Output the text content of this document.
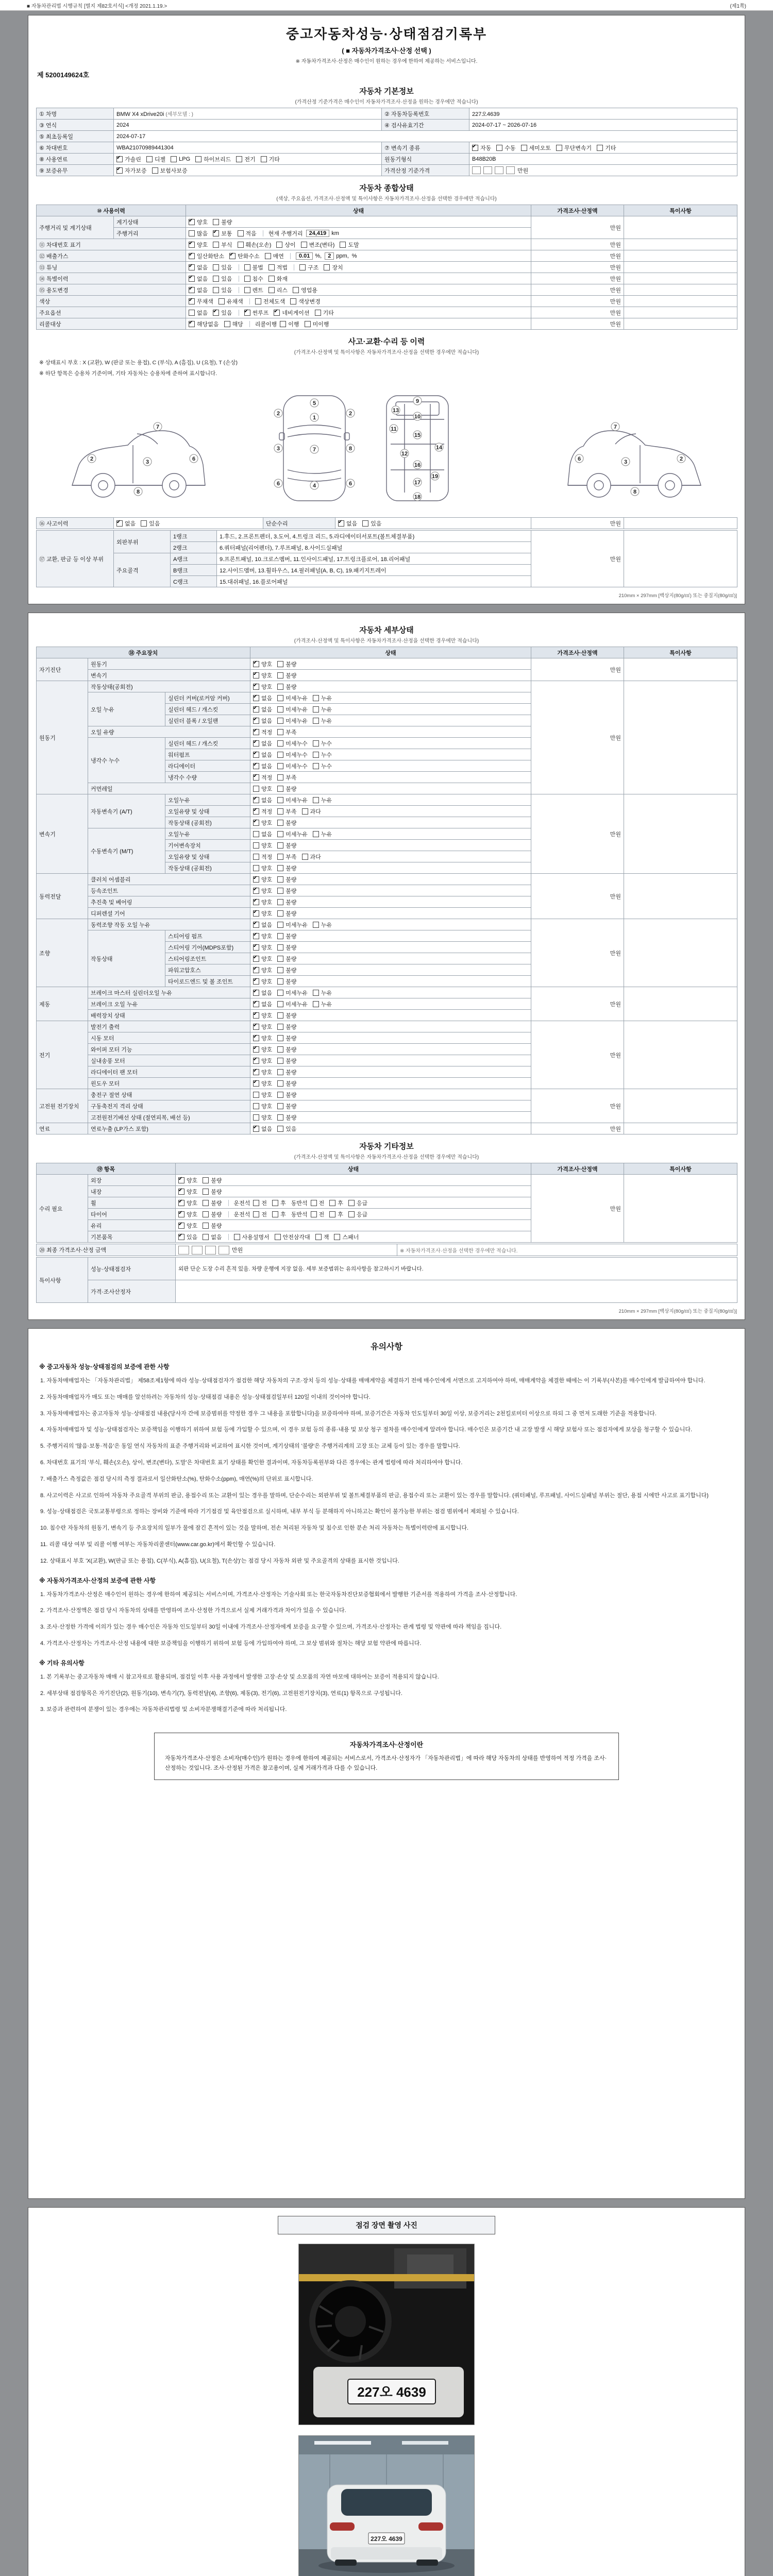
■ 자동차관리법 시행규칙 [별지 제82호서식] <개정 2021.1.19.>	(제1쪽)
중고자동차성능·상태점검기록부
( ■ 자동차가격조사·산정 선택 )
※ 자동차가격조사·산정은 매수인이 원하는 경우에 한하여 제공하는 서비스입니다.
제 5200149624호
자동차 기본정보
(가격산정 기준가격은 매수인이 자동차가격조사·산정을 원하는 경우에만 적습니다)
① 차명	BMW X4 xDrive20i (세부모델 : )	② 자동차등록번호	227오4639
③ 연식	2024	④ 검사유효기간	2024-07-17 ~ 2026-07-16
⑤ 최초등록일	2024-07-17		
⑥ 차대번호	WBA21070989441304	⑦ 변속기 종류	
✔자동 수동 세미오토 무단변속기 기타

⑧ 사용연료	
✔가솔린 디젤 LPG 하이브리드 전기 기타	원동기형식	B48B20B
⑨ 보증유무	
✔자가보증 보험사보증	가격산정 기준가격	만원
자동차 종합상태
(색상, 주요옵션, 가격조사·산정액 및 특이사항은 자동차가격조사·산정을 선택한 경우에만 적습니다)
⑩ 사용이력		상태	가격조사·산정액	특이사항
주행거리 및 계기상태	계기상태	
✔양호 불량	만원	
주행거리	많음 ✔ 보통 적음 현재 주행거리	24,419 km

⑪ 차대번호 표기	
✔양호 부식 훼손(오손) 상이 변조(변타) 도말	만원	
⑫ 배출가스	
✔일산화탄소 ✔ 탄화수소 매연	0.01 %,	2 ppm, %	만원	
⑬ 튜닝	
✔없음 있음	불법 적법	구조 장치	만원	
⑭ 특별이력	
✔없음 있음 침수 화재	만원	
⑮ 용도변경	
✔없음 있음 렌트 리스 영업용	만원	
색상	
✔무채색 유채색 전체도색 색상변경	만원	
주요옵션		없음 ✔ 있음 ✔ 썬루프 ✔ 네비게이션 기타	만원	
리콜대상	
✔해당없음 해당 리콜이행 이행 미이행	만원	
사고·교환·수리 등 이력
(가격조사·산정액 및 특이사항은 자동차가격조사·산정을 선택한 경우에만 적습니다)
※ 상태표시 부호 : X (교환), W (판금 또는 용접), C (부식), A (흠집), U (요철), T (손상)
※ 하단 항목은 승용차 기준이며, 기타 자동차는 승용차에 준하여 표시합니다.
2	3
7
8
6
5
1
7
4
2
3
6
2
8
6
9
10
13
11
15
12
14
16
19
17
18
6	3
7
8
2
⑯ 사고이력	
✔없음 있음	단순수리	
✔없음 있음	만원	
⑰ 교환, 판금 등 이상 부위	외판부위	1랭크	1.후드, 2.프론트펜더, 3.도어, 4.트렁크 리드, 5.라디에이터서포트(볼트체결부품)	만원	
		2랭크	6.쿼터패널(리어펜더), 7.루프패널, 8.사이드실패널		
	주요골격	A랭크	9.프론트패널, 10.크로스멤버, 11.인사이드패널, 17.트렁크플로어, 18.리어패널		
		B랭크	12.사이드멤버, 13.휠하우스, 14.필러패널(A, B, C), 19.패키지트레이		
		C랭크	15.대쉬패널, 16.플로어패널		
210mm × 297mm [백상지(80g/㎡) 또는 중질지(80g/㎡)]
자동차 세부상태
(가격조사·산정액 및 특이사항은 자동차가격조사·산정을 선택한 경우에만 적습니다)
⑱ 주요장치			상태	가격조사·산정액	특이사항
자기진단	원동기	
✔양호 불량	만원	
	변속기	
✔양호 불량

원동기	작동상태(공회전)	
✔양호 불량	만원	
	오일 누유	실린더 커버(로커암 커버)	
✔없음 미세누유 누유

		실린더 헤드 / 개스킷	
✔없음 미세누유 누유

		실린더 블록 / 오일팬	
✔없음 미세누유 누유

	오일 유량	
✔적정 부족

	냉각수 누수	실린더 헤드 / 개스킷	
✔없음 미세누수 누수

		워터펌프	
✔없음 미세누수 누수

		라디에이터	
✔없음 미세누수 누수

		냉각수 수량	
✔적정 부족

	커먼레일		양호 불량		

변속기	자동변속기 (A/T)	오일누유	
✔없음 미세누유 누유	만원	
		오일유량 및 상태	
✔적정 부족 과다

		작동상태 (공회전)	
✔양호 불량

	수동변속기 (M/T)	오일누유	없음 미세누유 누유		

		기어변속장치	양호 불량		

		오일유량 및 상태	적정 부족 과다		

		작동상태 (공회전)	양호 불량		

동력전달	클러치 어셈블리	
✔양호 불량	만원	
	등속조인트	
✔양호 불량

	추진축 및 베어링	
✔양호 불량

	디퍼렌셜 기어	
✔양호 불량

조향	동력조향 작동 오일 누유	
✔없음 미세누유 누유	만원	
	작동상태	스티어링 펌프	
✔양호 불량

		스티어링 기어(MDPS포함)	
✔양호 불량

		스티어링조인트	
✔양호 불량

		파워고압호스	
✔양호 불량

		타이로드엔드 및 볼 조인트	
✔양호 불량

제동	브레이크 마스터 실린더오일 누유	
✔없음 미세누유 누유	만원	
	브레이크 오일 누유	
✔없음 미세누유 누유

	배력장치 상태	
✔양호 불량

전기	발전기 출력	
✔양호 불량	만원	
	시동 모터	
✔양호 불량

	와이퍼 모터 기능	
✔양호 불량

	실내송풍 모터	
✔양호 불량

	라디에이터 팬 모터	
✔양호 불량

	윈도우 모터	
✔양호 불량

고전원 전기장치	충전구 절연 상태		양호 불량	만원	
	구동축전지 격리 상태		양호 불량		

	고전원전기배선 상태 (절연피복, 배선 등)		양호 불량		

연료	연료누출 (LP가스 포함)	
✔없음 있음	만원	
자동차 기타정보
(가격조사·산정액 및 특이사항은 자동차가격조사·산정을 선택한 경우에만 적습니다)
⑲ 항목		상태	가격조사·산정액	특이사항
수리 필요	외장	
✔양호 불량	만원	
	내장	
✔양호 불량

휠	
✔양호 불량 운전석 전 후 동반석 전 후 응급

타이어	
✔양호 불량 운전석 전 후 동반석 전 후 응급

	유리	
✔양호 불량

기본품목	
✔있음 없음	사용설명서 안전삼각대 잭 스패너
⑳ 최종 가격조사·산정 금액	만원	※ 자동차가격조사·산정을 선택한 경우에만 적습니다.
특이사항	성능·상태점검자	외판 단순 도장 수리 흔적 있음. 차량 운행에 지장 없음. 세부 보증범위는 유의사항을 참고하시기 바랍니다.
	가격·조사산정자	
210mm × 297mm [백상지(80g/㎡) 또는 중질지(80g/㎡)]
유의사항
※ 중고자동차 성능·상태점검의 보증에 관한 사항
1. 자동차매매업자는 「자동차관리법」 제58조제1항에 따라 성능·상태점검자가 점검한 해당 자동차의 구조·장치 등의 성능·상태를 매매계약을 체결하기 전에 매수인에게 서면으로 고지하여야 하며, 매매계약을 체결한 때에는 이 기록부(사본)를 매수인에게 발급하여야 합니다.
2. 자동차매매업자가 매도 또는 매매를 알선하려는 자동차의 성능·상태점검 내용은 성능·상태점검일부터 120일 이내의 것이어야 합니다.
3. 자동차매매업자는 중고자동차 성능·상태점검 내용(당사자 간에 보증범위를 약정한 경우 그 내용을 포함합니다)을 보증하여야 하며, 보증기간은 자동차 인도일부터 30일 이상, 보증거리는 2천킬로미터 이상으로 하되 그 중 먼저 도래한 기준을 적용합니다.
4. 자동차매매업자 및 성능·상태점검자는 보증책임을 이행하기 위하여 보험 등에 가입할 수 있으며, 이 경우 보험 등의 종류·내용 및 보상 청구 절차를 매수인에게 알려야 합니다. 매수인은 보증기간 내 고장 발생 시 해당 보험사 또는 점검자에게 보상을 청구할 수 있습니다.
5. 주행거리의 '많음·보통·적음'은 동일 연식 자동차의 표준 주행거리와 비교하여 표시한 것이며, 계기상태의 '불량'은 주행거리계의 고장 또는 교체 등이 있는 경우를 말합니다.
6. 차대번호 표기의 '부식, 훼손(오손), 상이, 변조(변타), 도말'은 차대번호 표기 상태를 확인한 결과이며, 자동차등록원부와 다른 경우에는 관계 법령에 따라 처리하여야 합니다.
7. 배출가스 측정값은 점검 당시의 측정 결과로서 일산화탄소(%), 탄화수소(ppm), 매연(%)의 단위로 표시합니다.
8. 사고이력은 사고로 인하여 자동차 주요골격 부위의 판금, 용접수리 또는 교환이 있는 경우를 말하며, 단순수리는 외판부위 및 볼트체결부품의 판금, 용접수리 또는 교환이 있는 경우를 말합니다. (쿼터패널, 루프패널, 사이드실패널 부위는 절단, 용접 시에만 사고로 표기합니다)
9. 성능·상태점검은 국토교통부령으로 정하는 장비와 기준에 따라 기기점검 및 육안점검으로 실시하며, 내부 부식 등 분해하지 아니하고는 확인이 불가능한 부위는 점검 범위에서 제외될 수 있습니다.
10. 침수란 자동차의 원동기, 변속기 등 주요장치의 일부가 물에 잠긴 흔적이 있는 것을 말하며, 전손 처리된 자동차 및 침수로 인한 분손 처리 자동차는 특별이력란에 표시합니다.
11. 리콜 대상 여부 및 리콜 이행 여부는 자동차리콜센터(www.car.go.kr)에서 확인할 수 있습니다.
12. 상태표시 부호 'X(교환), W(판금 또는 용접), C(부식), A(흠집), U(요철), T(손상)'는 점검 당시 자동차 외판 및 주요골격의 상태를 표시한 것입니다.
※ 자동차가격조사·산정의 보증에 관한 사항
1. 자동차가격조사·산정은 매수인이 원하는 경우에 한하여 제공되는 서비스이며, 가격조사·산정자는 기술사회 또는 한국자동차진단보증협회에서 발행한 기준서를 적용하여 가격을 조사·산정합니다.
2. 가격조사·산정액은 점검 당시 자동차의 상태를 반영하여 조사·산정한 가격으로서 실제 거래가격과 차이가 있을 수 있습니다.
3. 조사·산정한 가격에 이의가 있는 경우 매수인은 자동차 인도일부터 30일 이내에 가격조사·산정자에게 보증을 요구할 수 있으며, 가격조사·산정자는 관계 법령 및 약관에 따라 책임을 집니다.
4. 가격조사·산정자는 가격조사·산정 내용에 대한 보증책임을 이행하기 위하여 보험 등에 가입하여야 하며, 그 보상 범위와 절차는 해당 보험 약관에 따릅니다.
※ 기타 유의사항
1. 본 기록부는 중고자동차 매매 시 참고자료로 활용되며, 점검일 이후 사용 과정에서 발생한 고장·손상 및 소모품의 자연 마모에 대하여는 보증이 적용되지 않습니다.
2. 세부상태 점검항목은 자기진단(2), 원동기(10), 변속기(7), 동력전달(4), 조향(6), 제동(3), 전기(6), 고전원전기장치(3), 연료(1) 항목으로 구성됩니다.
3. 보증과 관련하여 분쟁이 있는 경우에는 자동차관리법령 및 소비자분쟁해결기준에 따라 처리됩니다.
자동차가격조사·산정이란
자동차가격조사·산정은 소비자(매수인)가 원하는 경우에 한하여 제공되는 서비스로서, 가격조사·산정자가 「자동차관리법」에 따라 해당 자동차의 상태를 반영하여 적정 가격을 조사·산정하는 것입니다. 조사·산정된 가격은 참고용이며, 실제 거래가격과 다를 수 있습니다.
점검 장면 촬영 사진
227오 4639
227오 4639
